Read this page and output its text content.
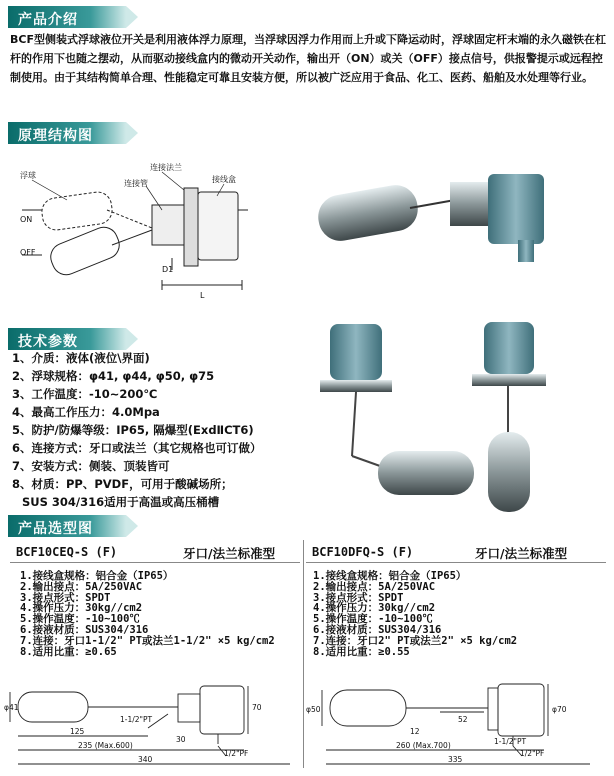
产品介绍

BCF型侧装式浮球液位开关是利用液体浮力原理，当浮球因浮力作用而上升或下降运动时，浮球固定杆末端的永久磁铁在杠杆的作用下也随之摆动，从而驱动接线盒内的微动开关动作，输出开（ON）或关（OFF）接点信号，供报警提示或远程控制使用。由于其结构简单合理、性能稳定可靠且安装方便，所以被广泛应用于食品、化工、医药、船舶及水处理等行业。

原理结构图
浮球
连接法兰
连接管	接线盒
ON
OFF
D1
L
技术参数
1、介质：液体(液位\界面)
2、浮球规格：φ41, φ44, φ50, φ75
3、工作温度：-10~200℃
4、最高工作压力：4.0Mpa
5、防护/防爆等级：IP65, 隔爆型(ExdⅡCT6)
6、连接方式：牙口或法兰（其它规格也可订做）
7、安装方式：侧装、顶装皆可
8、材质：PP、PVDF，可用于酸碱场所；
SUS 304/316适用于高温或高压桶槽
产品选型图
BCF10CEQ-S (F)	牙口/法兰标准型	BCF10DFQ-S (F)	牙口/法兰标准型
1.接线盒规格：铝合金（IP65）
2.输出接点：5A/250VAC
3.接点形式：SPDT
4.操作压力：30kg//cm2
5.操作温度：-10~100℃
6.接液材质：SUS304/316
7.连接：牙口1-1/2" PT或法兰1-1/2" ×5 kg/cm2
8.适用比重：≥0.65
1.接线盒规格：铝合金（IP65）
2.输出接点：5A/250VAC
3.接点形式：SPDT
4.操作压力：30kg//cm2
5.操作温度：-10~100℃
6.接液材质：SUS304/316
7.连接：牙口2" PT或法兰2" ×5 kg/cm2
8.适用比重：≥0.55
φ41
125
235 (Max.600)
340
30
1-1/2"PT
1/2"PF
70	φ50
12
260 (Max.700)
335
52
1-1/2"PT
1/2"PF
φ70
